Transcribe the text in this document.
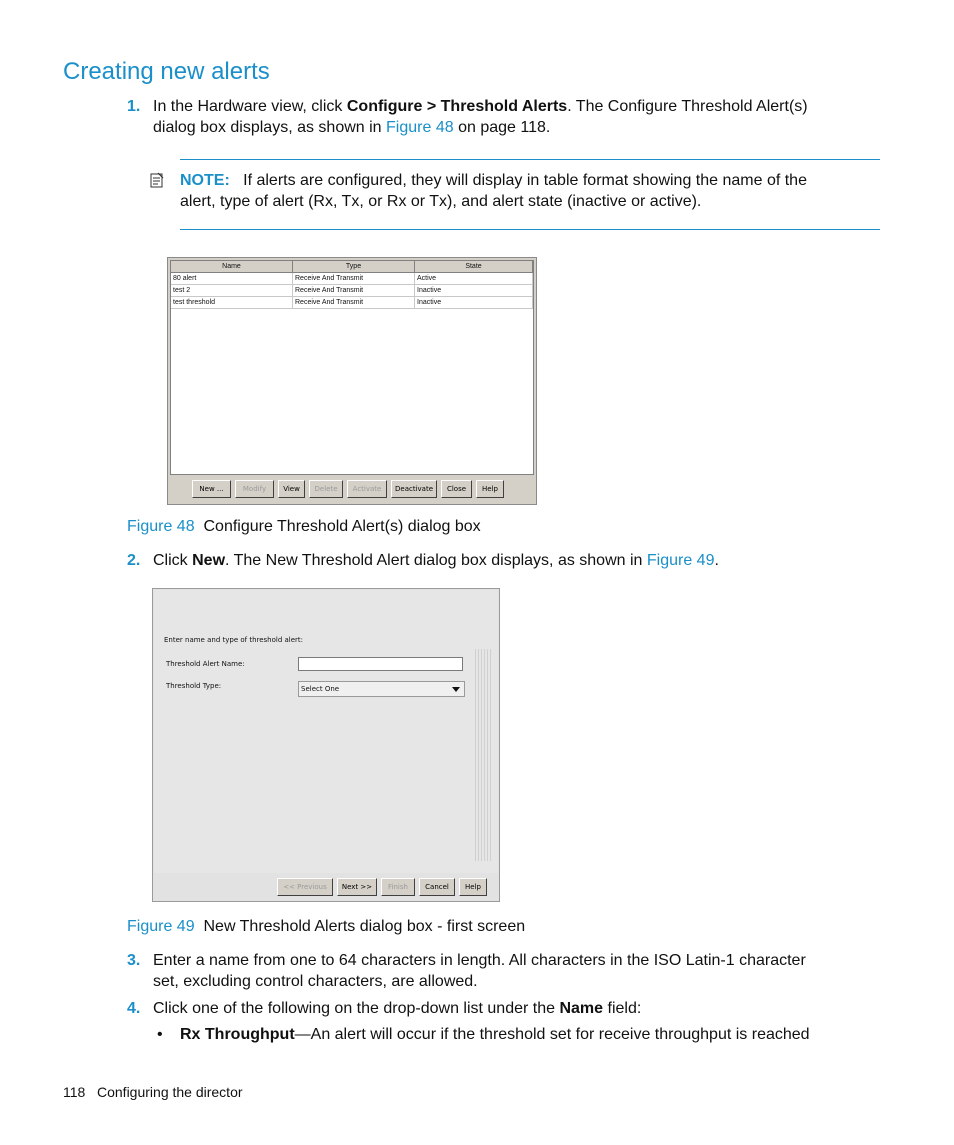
Creating new alerts
1. In the Hardware view, click Configure > Threshold Alerts. The Configure Threshold Alert(s)
dialog box displays, as shown in Figure 48 on page 118.
NOTE: If alerts are configured, they will display in table format showing the name of the
alert, type of alert (Rx, Tx, or Rx or Tx), and alert state (inactive or active).
Name	Type	State
80 alert	Receive And Transmit	Active
test 2	Receive And Transmit	Inactive
test threshold	Receive And Transmit	Inactive
New ...	Modify	View	Delete	Activate	Deactivate	Close	Help
Figure 48 Configure Threshold Alert(s) dialog box
2. Click New. The New Threshold Alert dialog box displays, as shown in Figure 49.
<< Previous	Next >>	Finish	Cancel	Help
Enter name and type of threshold alert:
Threshold Alert Name:
Threshold Type:	Select One
Figure 49 New Threshold Alerts dialog box - first screen
3. Enter a name from one to 64 characters in length. All characters in the ISO Latin-1 character
set, excluding control characters, are allowed.
4. Click one of the following on the drop-down list under the Name field:
• Rx Throughput—An alert will occur if the threshold set for receive throughput is reached
118 Configuring the director
